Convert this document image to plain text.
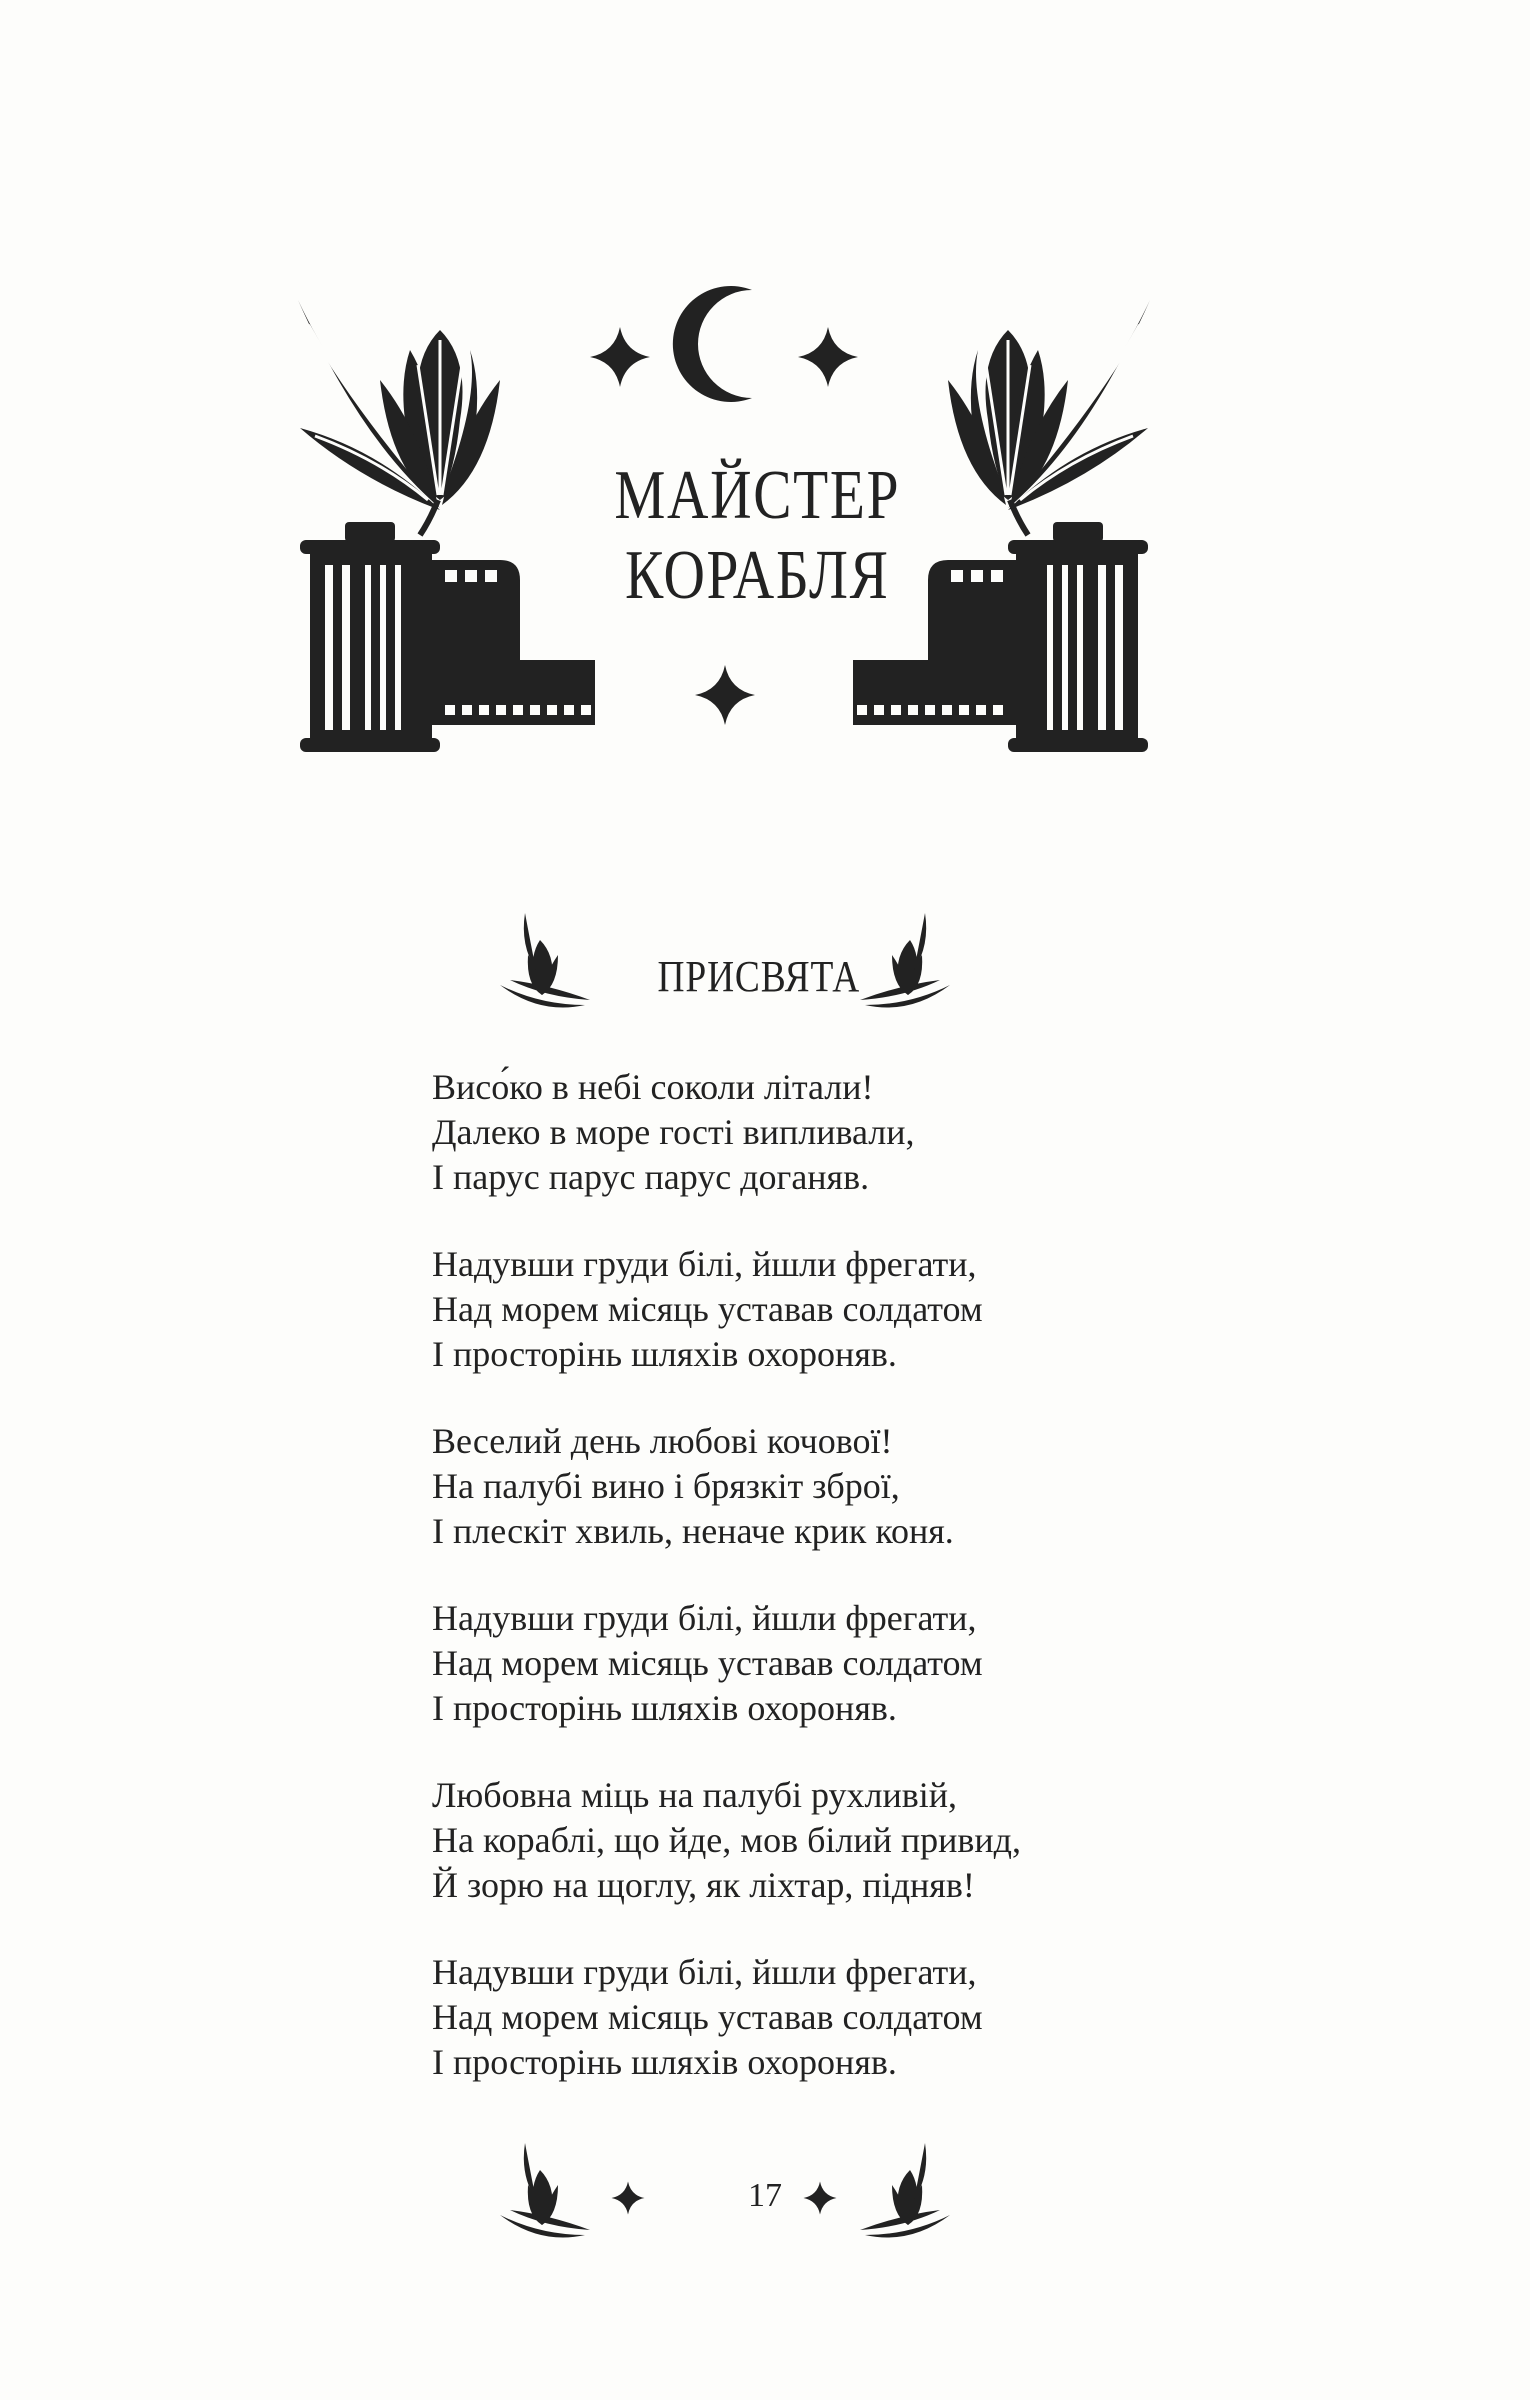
МАЙСТЕР
КОРАБЛЯ
ПРИСВЯТА
Висо́ко в небі соколи літали!
Далеко в море гості випливали,
І парус парус парус доганяв.
Надувши груди білі, йшли фрегати,
Над морем місяць уставав солдатом
І просторінь шляхів охороняв.
Веселий день любові кочової!
На палубі вино і брязкіт зброї,
І плескіт хвиль, неначе крик коня.
Надувши груди білі, йшли фрегати,
Над морем місяць уставав солдатом
І просторінь шляхів охороняв.
Любовна міць на палубі рухливій,
На кораблі, що йде, мов білий привид,
Й зорю на щоглу, як ліхтар, підняв!
Надувши груди білі, йшли фрегати,
Над морем місяць уставав солдатом
І просторінь шляхів охороняв.
17
